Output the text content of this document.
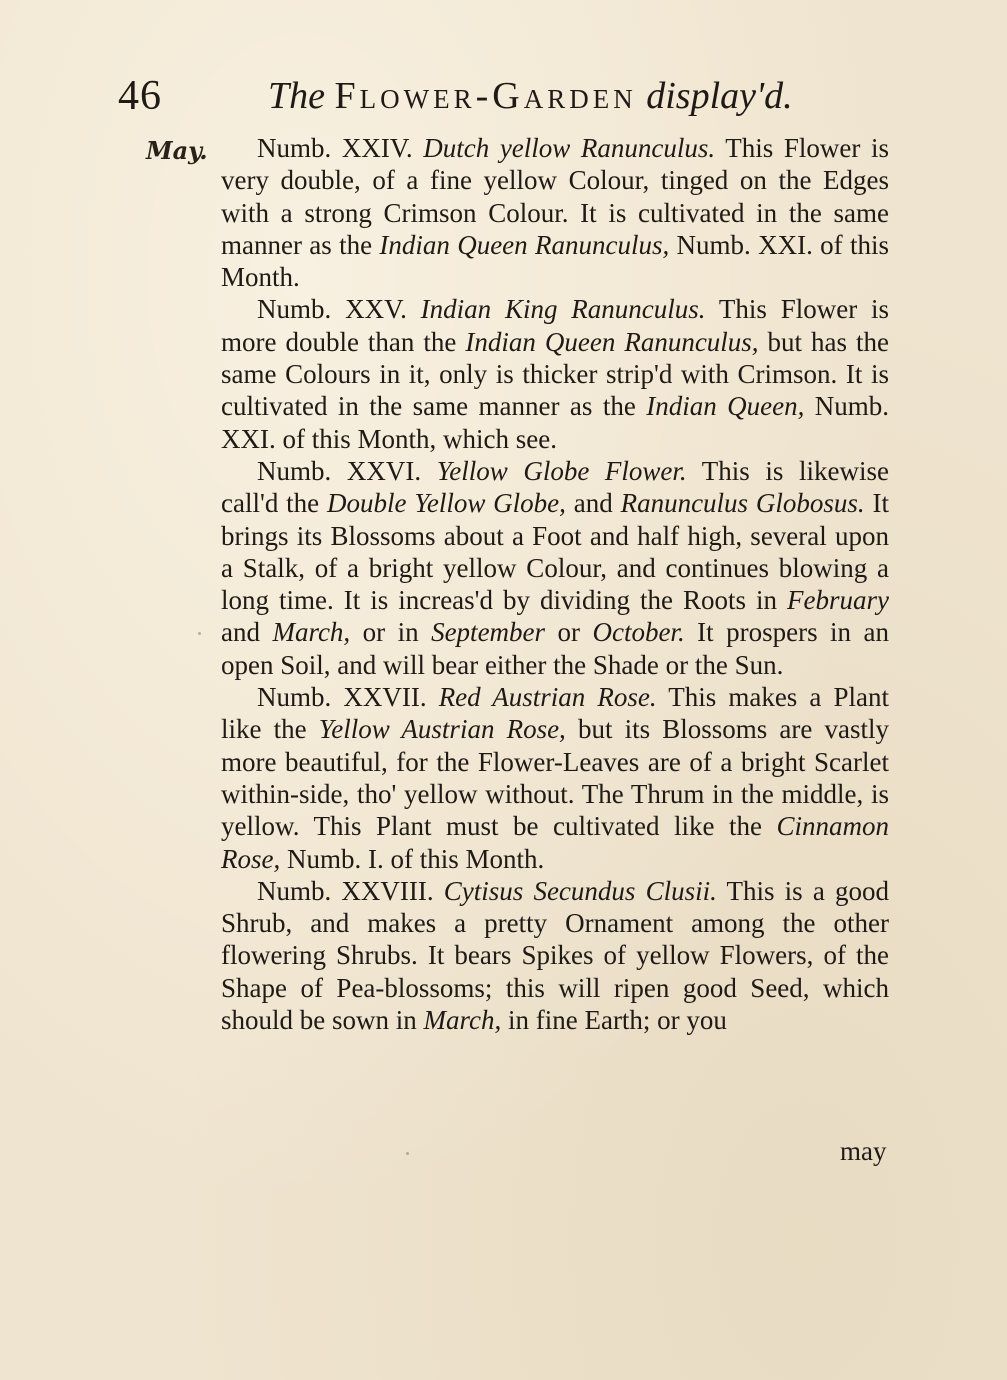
46	The Flower-Garden display'd.
May.	Numb. XXIV. Dutch yellow Ranunculus. This Flower is very double, of a fine yellow Colour, tinged on the Edges with a strong Crimson Colour. It is cultivated in the same manner as the Indian Queen Ranunculus, Numb. XXI. of this Month.

Numb. XXV. Indian King Ranunculus. This Flower is more double than the Indian Queen Ranunculus, but has the same Colours in it, only is thicker strip'd with Crimson. It is cultivated in the same manner as the Indian Queen, Numb. XXI. of this Month, which see.

Numb. XXVI. Yellow Globe Flower. This is likewise call'd the Double Yellow Globe, and Ranunculus Globosus. It brings its Blossoms about a Foot and half high, several upon a Stalk, of a bright yellow Colour, and continues blowing a long time. It is increas'd by dividing the Roots in February and March, or in September or October. It prospers in an open Soil, and will bear either the Shade or the Sun.

Numb. XXVII. Red Austrian Rose. This makes a Plant like the Yellow Austrian Rose, but its Blossoms are vastly more beautiful, for the Flower-Leaves are of a bright Scarlet within-side, tho' yellow without. The Thrum in the middle, is yellow. This Plant must be cultivated like the Cinnamon Rose, Numb. I. of this Month.

Numb. XXVIII. Cytisus Secundus Clusii. This is a good Shrub, and makes a pretty Ornament among the other flowering Shrubs. It bears Spikes of yellow Flowers, of the Shape of Pea-blossoms; this will ripen good Seed, which should be sown in March, in fine Earth; or you

may
